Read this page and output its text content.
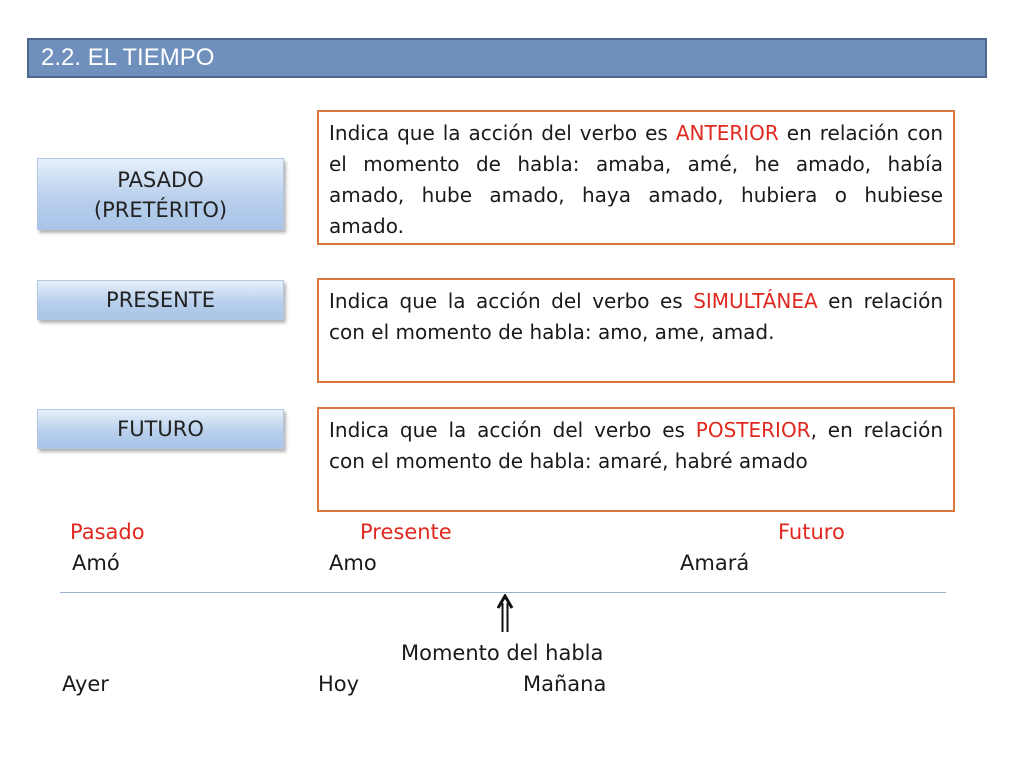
2.2. EL TIEMPO
PASADO
(PRETÉRITO)
Indica que la acción del verbo es ANTERIOR en relación con el momento de habla: amaba, amé, he amado, había amado, hube amado, haya amado, hubiera o hubiese amado.
PRESENTE	Indica que la acción del verbo es SIMULTÁNEA en relación con el momento de habla: amo, ame, amad.
FUTURO	Indica que la acción del verbo es POSTERIOR, en relación con el momento de habla: amaré, habré amado
Pasado	Presente	Futuro
Amó	Amo	Amará
Momento del habla
Ayer	Hoy	Mañana
